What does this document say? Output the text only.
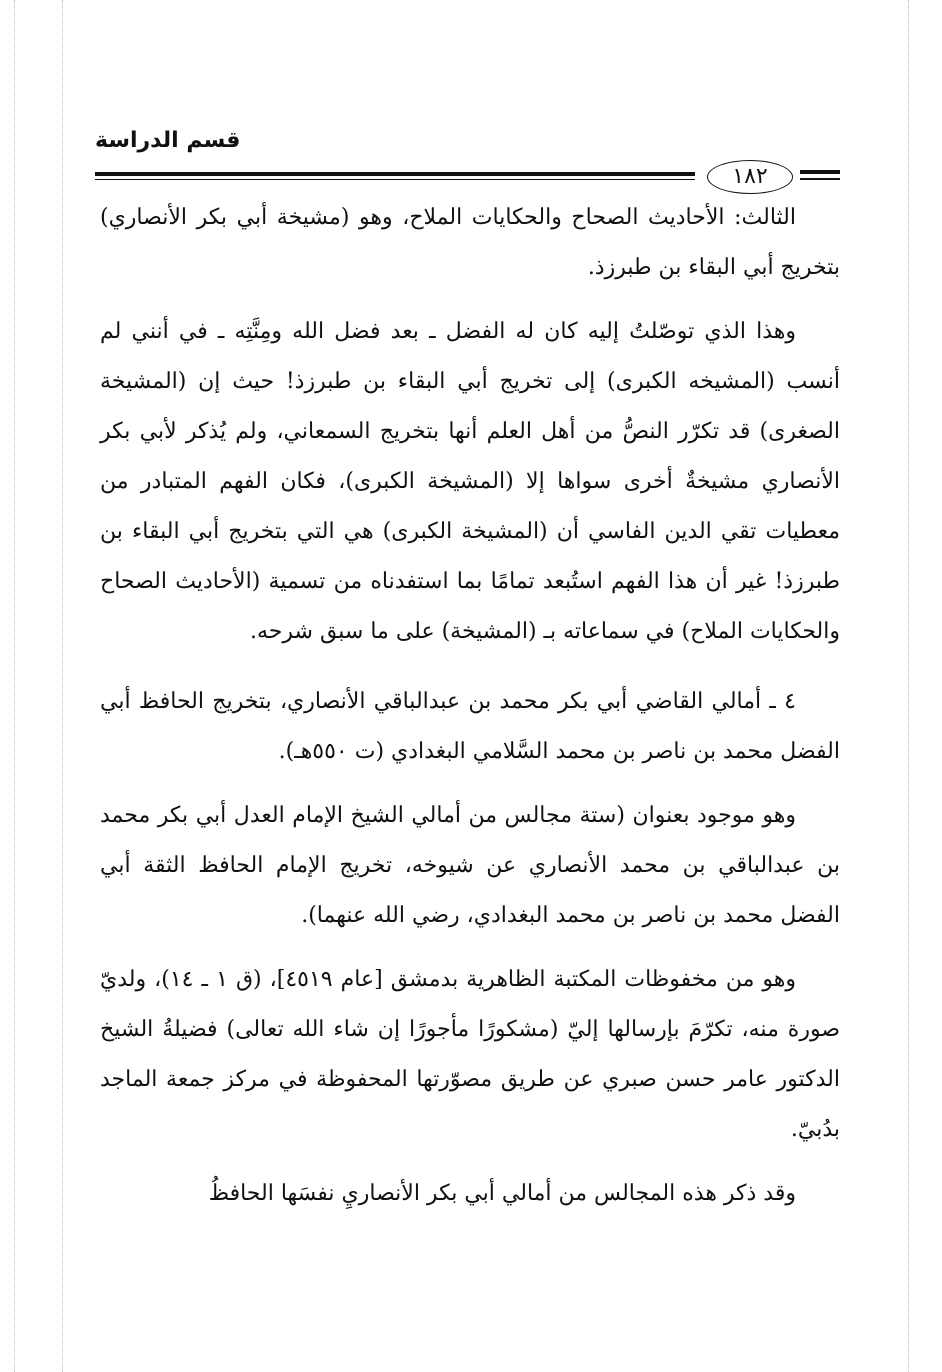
قسم الدراسة
١٨٢

الثالث: الأحاديث الصحاح والحكايات الملاح، وهو (مشيخة أبي بكر الأنصاري) بتخريج أبي البقاء بن طبرزذ.

وهذا الذي توصّلتُ إليه كان له الفضل ـ بعد فضل الله ومِنَّتِه ـ في أنني لم أنسب (المشيخه الكبرى) إلى تخريج أبي البقاء بن طبرزذ! حيث إن (المشيخة الصغرى) قد تكرّر النصُّ من أهل العلم أنها بتخريج السمعاني، ولم يُذكر لأبي بكر الأنصاري مشيخةٌ أخرى سواها إلا (المشيخة الكبرى)، فكان الفهم المتبادر من معطيات تقي الدين الفاسي أن (المشيخة الكبرى) هي التي بتخريج أبي البقاء بن طبرزذ! غير أن هذا الفهم استُبعد تمامًا بما استفدناه من تسمية (الأحاديث الصحاح والحكايات الملاح) في سماعاته بـ (المشيخة) على ما سبق شرحه.

٤ ـ أمالي القاضي أبي بكر محمد بن عبدالباقي الأنصاري، بتخريج الحافظ أبي الفضل محمد بن ناصر بن محمد السَّلامي البغدادي (ت ٥٥٠هـ).

وهو موجود بعنوان (ستة مجالس من أمالي الشيخ الإمام العدل أبي بكر محمد بن عبدالباقي بن محمد الأنصاري عن شيوخه، تخريج الإمام الحافظ الثقة أبي الفضل محمد بن ناصر بن محمد البغدادي، رضي الله عنهما).

وهو من مخفوظات المكتبة الظاهرية بدمشق [عام ٤٥١٩]، (ق ١ ـ ١٤)، ولديّ صورة منه، تكرّمَ بإرسالها إليّ (مشكورًا مأجورًا إن شاء الله تعالى) فضيلةُ الشيخ الدكتور عامر حسن صبري عن طريق مصوّرتها المحفوظة في مركز جمعة الماجد بدُبيّ.

وقد ذكر هذه المجالس من أمالي أبي بكر الأنصاريِ نفسَها الحافظُ
